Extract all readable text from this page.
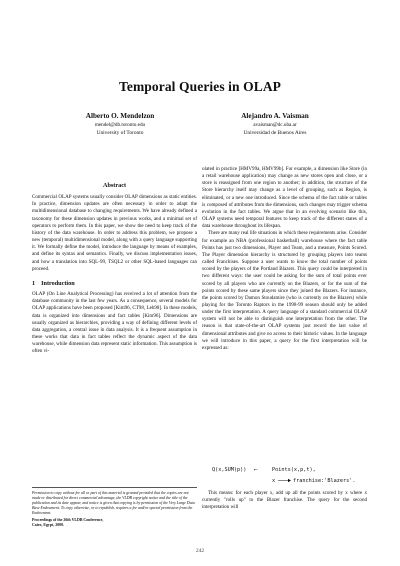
Temporal Queries in OLAP
Alberto O. Mendelzon
mendel@db.toronto.edu
University of Toronto
Alejandro A. Vaisman
avaisman@dc.uba.ar
Universidad de Buenos Aires
Abstract

Commercial OLAP systems usually consider OLAP dimensions as static entities. In practice, dimension updates are often necessary in order to adapt the multidimensional database to changing requirements. We have already defined a taxonomy for these dimension updates in previous works, and a minimal set of operators to perform them. In this paper, we show the need to keep track of the history of the data warehouse. In order to address this problem, we propose a new (temporal) multidimensional model, along with a query language supporting it. We formally define the model, introduce the language by means of examples, and define its syntax and semantics. Finally, we discuss implementation issues, and how a translation into SQL-99, TSQL2 or other SQL-based languages can proceed.

1 Introduction

OLAP (On Line Analytical Processing) has received a lot of attention from the database community in the last few years. As a consequence, several models for OLAP applications have been proposed [Kim96, CT98, Leh98]. In these models, data is organized into dimensions and fact tables [Kim96]. Dimensions are usually organized as hierarchies, providing a way of defining different levels of data aggregation, a central issue in data analysis. It is a frequent assumption in these works that data in fact tables reflect the dynamic aspect of the data warehouse, while dimension data represent static information. This assumption is often vi-

Permission to copy without fee all or part of this material is granted provided that the copies are not made or distributed for direct commercial advantage, the VLDB copyright notice and the title of the publication and its date appear, and notice is given that copying is by permission of the Very Large Data Base Endowment. To copy otherwise, or to republish, requires a fee and/or special permission from the Endowment.
Proceedings of the 26th VLDB Conference,
Cairo, Egypt, 2000.

olated in practice [HMV99a, HMV99b]. For example, a dimension like Store (in a retail warehouse application) may change as new stores open and close, or a store is reassigned from one region to another; in addition, the structure of the Store hierarchy itself may change as a level of grouping, such as Region, is eliminated, or a new one introduced. Since the schema of the fact table or tables is composed of attributes from the dimensions, such changes may trigger schema evolution in the fact tables. We argue that in an evolving scenario like this, OLAP systems need temporal features to keep track of the different states of a data warehouse throughout its lifespan.

There are many real life situations in which these requirements arise. Consider for example an NBA (professional basketball) warehouse where the fact table Points has just two dimensions, Player and Team, and a measure, Points Scored. The Player dimension hierarchy is structured by grouping players into teams called Franchises. Suppose a user wants to know the total number of points scored by the players of the Portland Blazers. This query could be interpreted in two different ways: the user could be asking for the sum of total points ever scored by all players who are currently on the Blazers, or for the sum of the points scored by these same players since they joined the Blazers. For instance, the points scored by Damon Stoudamire (who is currently on the Blazers) while playing for the Toronto Raptors in the 1998-99 season should only be added under the first interpretation. A query language of a standard commercial OLAP system will not be able to distinguish one interpretation from the other. The reason is that state-of-the-art OLAP systems just record the last value of dimensional attributes and give no access to their historic values. In the language we will introduce in this paper, a query for the first interpretation will be expressed as:

Q(x,SUM(p)) ⟵	Points(x,p,t),
x	franchise:'Blazers'.

This means: for each player x, add up all the points scored by x where x currently "rolls up" to the Blazer franchise. The query for the second interpretation will

242
